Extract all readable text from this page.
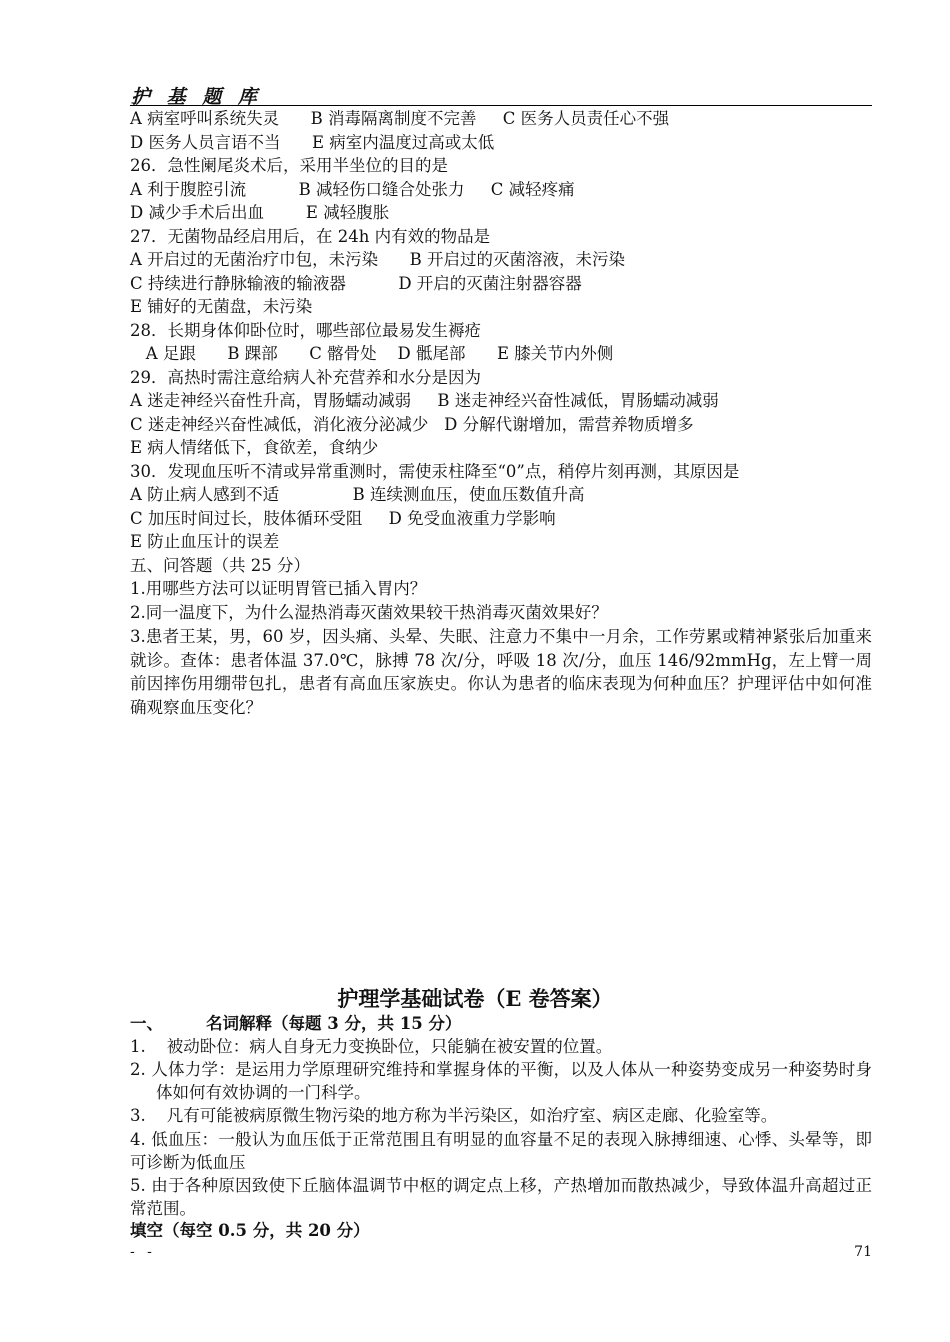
护 基 题 库
A 病室呼叫系统失灵      B 消毒隔离制度不完善     C 医务人员责任心不强
D 医务人员言语不当      E 病室内温度过高或太低
26．急性阑尾炎术后，采用半坐位的目的是
A 利于腹腔引流          B 减轻伤口缝合处张力     C 减轻疼痛
D 减少手术后出血        E 减轻腹胀
27．无菌物品经启用后，在 24h 内有效的物品是
A 开启过的无菌治疗巾包，未污染      B 开启过的灭菌溶液，未污染
C 持续进行静脉输液的输液器          D 开启的灭菌注射器容器
E 铺好的无菌盘，未污染
28．长期身体仰卧位时，哪些部位最易发生褥疮
A 足跟      B 踝部      C 髂骨处    D 骶尾部      E 膝关节内外侧
29．高热时需注意给病人补充营养和水分是因为
A 迷走神经兴奋性升高，胃肠蠕动减弱     B 迷走神经兴奋性减低，胃肠蠕动减弱
C 迷走神经兴奋性减低，消化液分泌减少   D 分解代谢增加，需营养物质增多
E 病人情绪低下，食欲差，食纳少
30．发现血压听不清或异常重测时，需使汞柱降至“0”点，稍停片刻再测，其原因是
A 防止病人感到不适              B 连续测血压，使血压数值升高
C 加压时间过长，肢体循环受阻     D 免受血液重力学影响
E 防止血压计的误差
五、问答题（共 25 分）
1.用哪些方法可以证明胃管已插入胃内？
2.同一温度下，为什么湿热消毒灭菌效果较干热消毒灭菌效果好？
3.患者王某，男，60 岁，因头痛、头晕、失眠、注意力不集中一月余，工作劳累或精神紧张后加重来就诊。查体：患者体温 37.0℃，脉搏 78 次/分，呼吸 18 次/分，血压 146/92mmHg，左上臂一周前因摔伤用绷带包扎，患者有高血压家族史。你认为患者的临床表现为何种血压？护理评估中如何准确观察血压变化？
护理学基础试卷（E 卷答案）
一、	名词解释（每题 3 分，共 15 分）
1.    被动卧位：病人自身无力变换卧位，只能躺在被安置的位置。
2. 人体力学：是运用力学原理研究维持和掌握身体的平衡，以及人体从一种姿势变成另一种姿势时身体如何有效协调的一门科学。
3.    凡有可能被病原微生物污染的地方称为半污染区，如治疗室、病区走廊、化验室等。
4. 低血压：一般认为血压低于正常范围且有明显的血容量不足的表现入脉搏细速、心悸、头晕等，即可诊断为低血压
5. 由于各种原因致使下丘脑体温调节中枢的调定点上移，产热增加而散热减少，导致体温升高超过正常范围。
填空（每空 0.5 分，共 20 分）
- -	71
